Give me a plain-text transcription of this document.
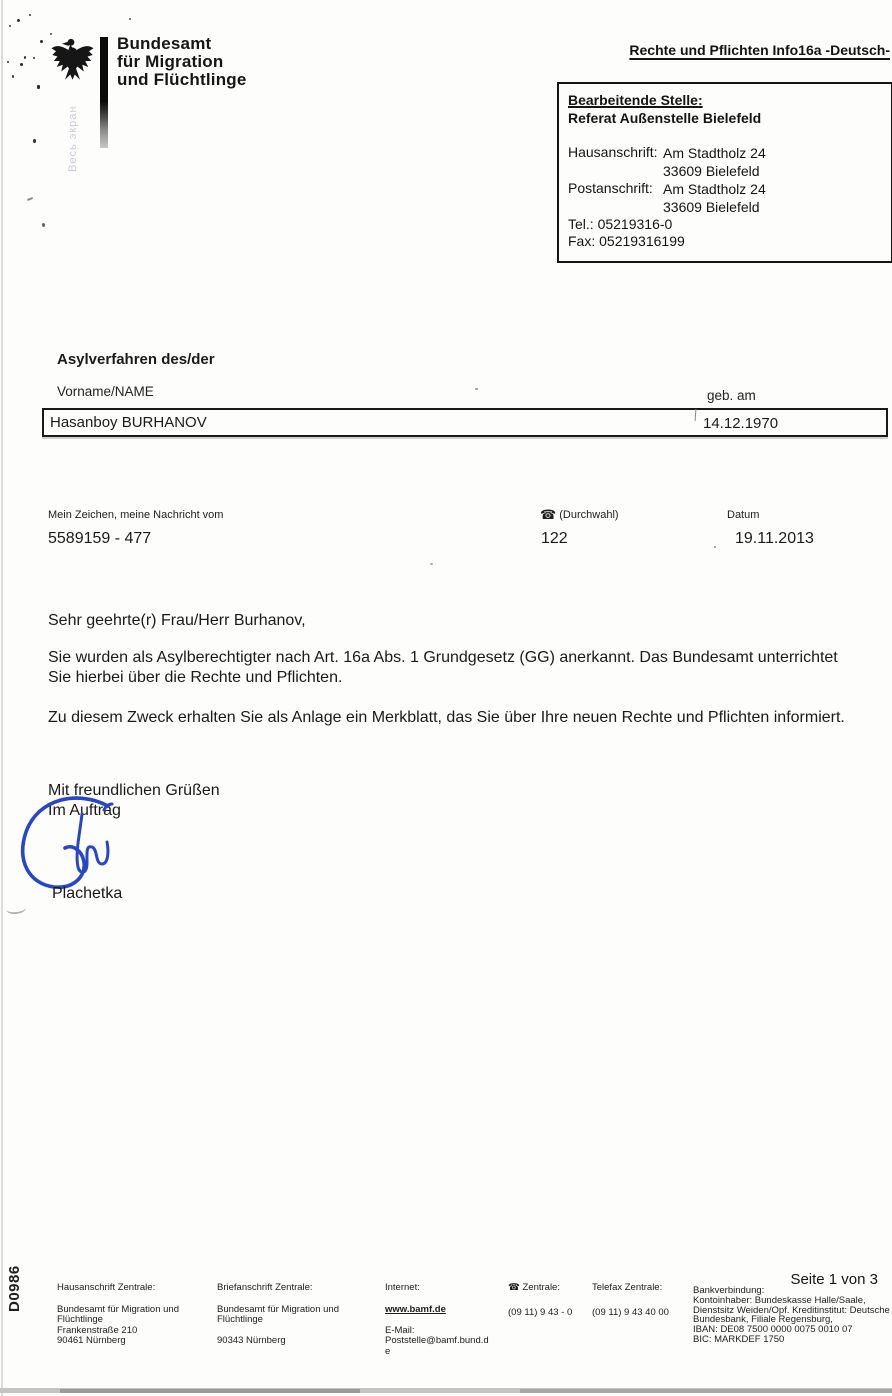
Весь экран
Bundesamt
für Migration
und Flüchtlinge
Rechte und Pflichten Info16a -Deutsch-
Bearbeitende Stelle:
Referat Außenstelle Bielefeld
Hausanschrift: Am Stadtholz 24
33609 Bielefeld
Postanschrift: Am Stadtholz 24
33609 Bielefeld
Tel.: 05219316-0
Fax: 05219316199
Asylverfahren des/der
Vorname/NAME	geb. am
Hasanboy BURHANOV	14.12.1970
Mein Zeichen, meine Nachricht vom
5589159 - 477
☎ (Durchwahl)
122
Datum
19.11.2013
Sehr geehrte(r) Frau/Herr Burhanov,
Sie wurden als Asylberechtigter nach Art. 16a Abs. 1 Grundgesetz (GG) anerkannt. Das Bundesamt unterrichtet Sie hierbei über die Rechte und Pflichten.
Zu diesem Zweck erhalten Sie als Anlage ein Merkblatt, das Sie über Ihre neuen Rechte und Pflichten informiert.
Mit freundlichen Grüßen
Im Auftrag
Plachetka
D0986	Seite 1 von 3
Hausanschrift Zentrale:
Bundesamt für Migration und
Flüchtlinge
Frankenstraße 210
90461 Nürnberg
Briefanschrift Zentrale:
Bundesamt für Migration und
Flüchtlinge
90343 Nürnberg
Internet:
www.bamf.de
E-Mail:
Poststelle@bamf.bund.d
e
☎ Zentrale:
(09 11) 9 43 - 0
Telefax Zentrale:
(09 11) 9 43 40 00
Bankverbindung:
Kontoinhaber: Bundeskasse Halle/Saale,
Dienstsitz Weiden/Opf. Kreditinstitut: Deutsche
Bundesbank, Filiale Regensburg,
IBAN: DE08 7500 0000 0075 0010 07
BIC: MARKDEF 1750
